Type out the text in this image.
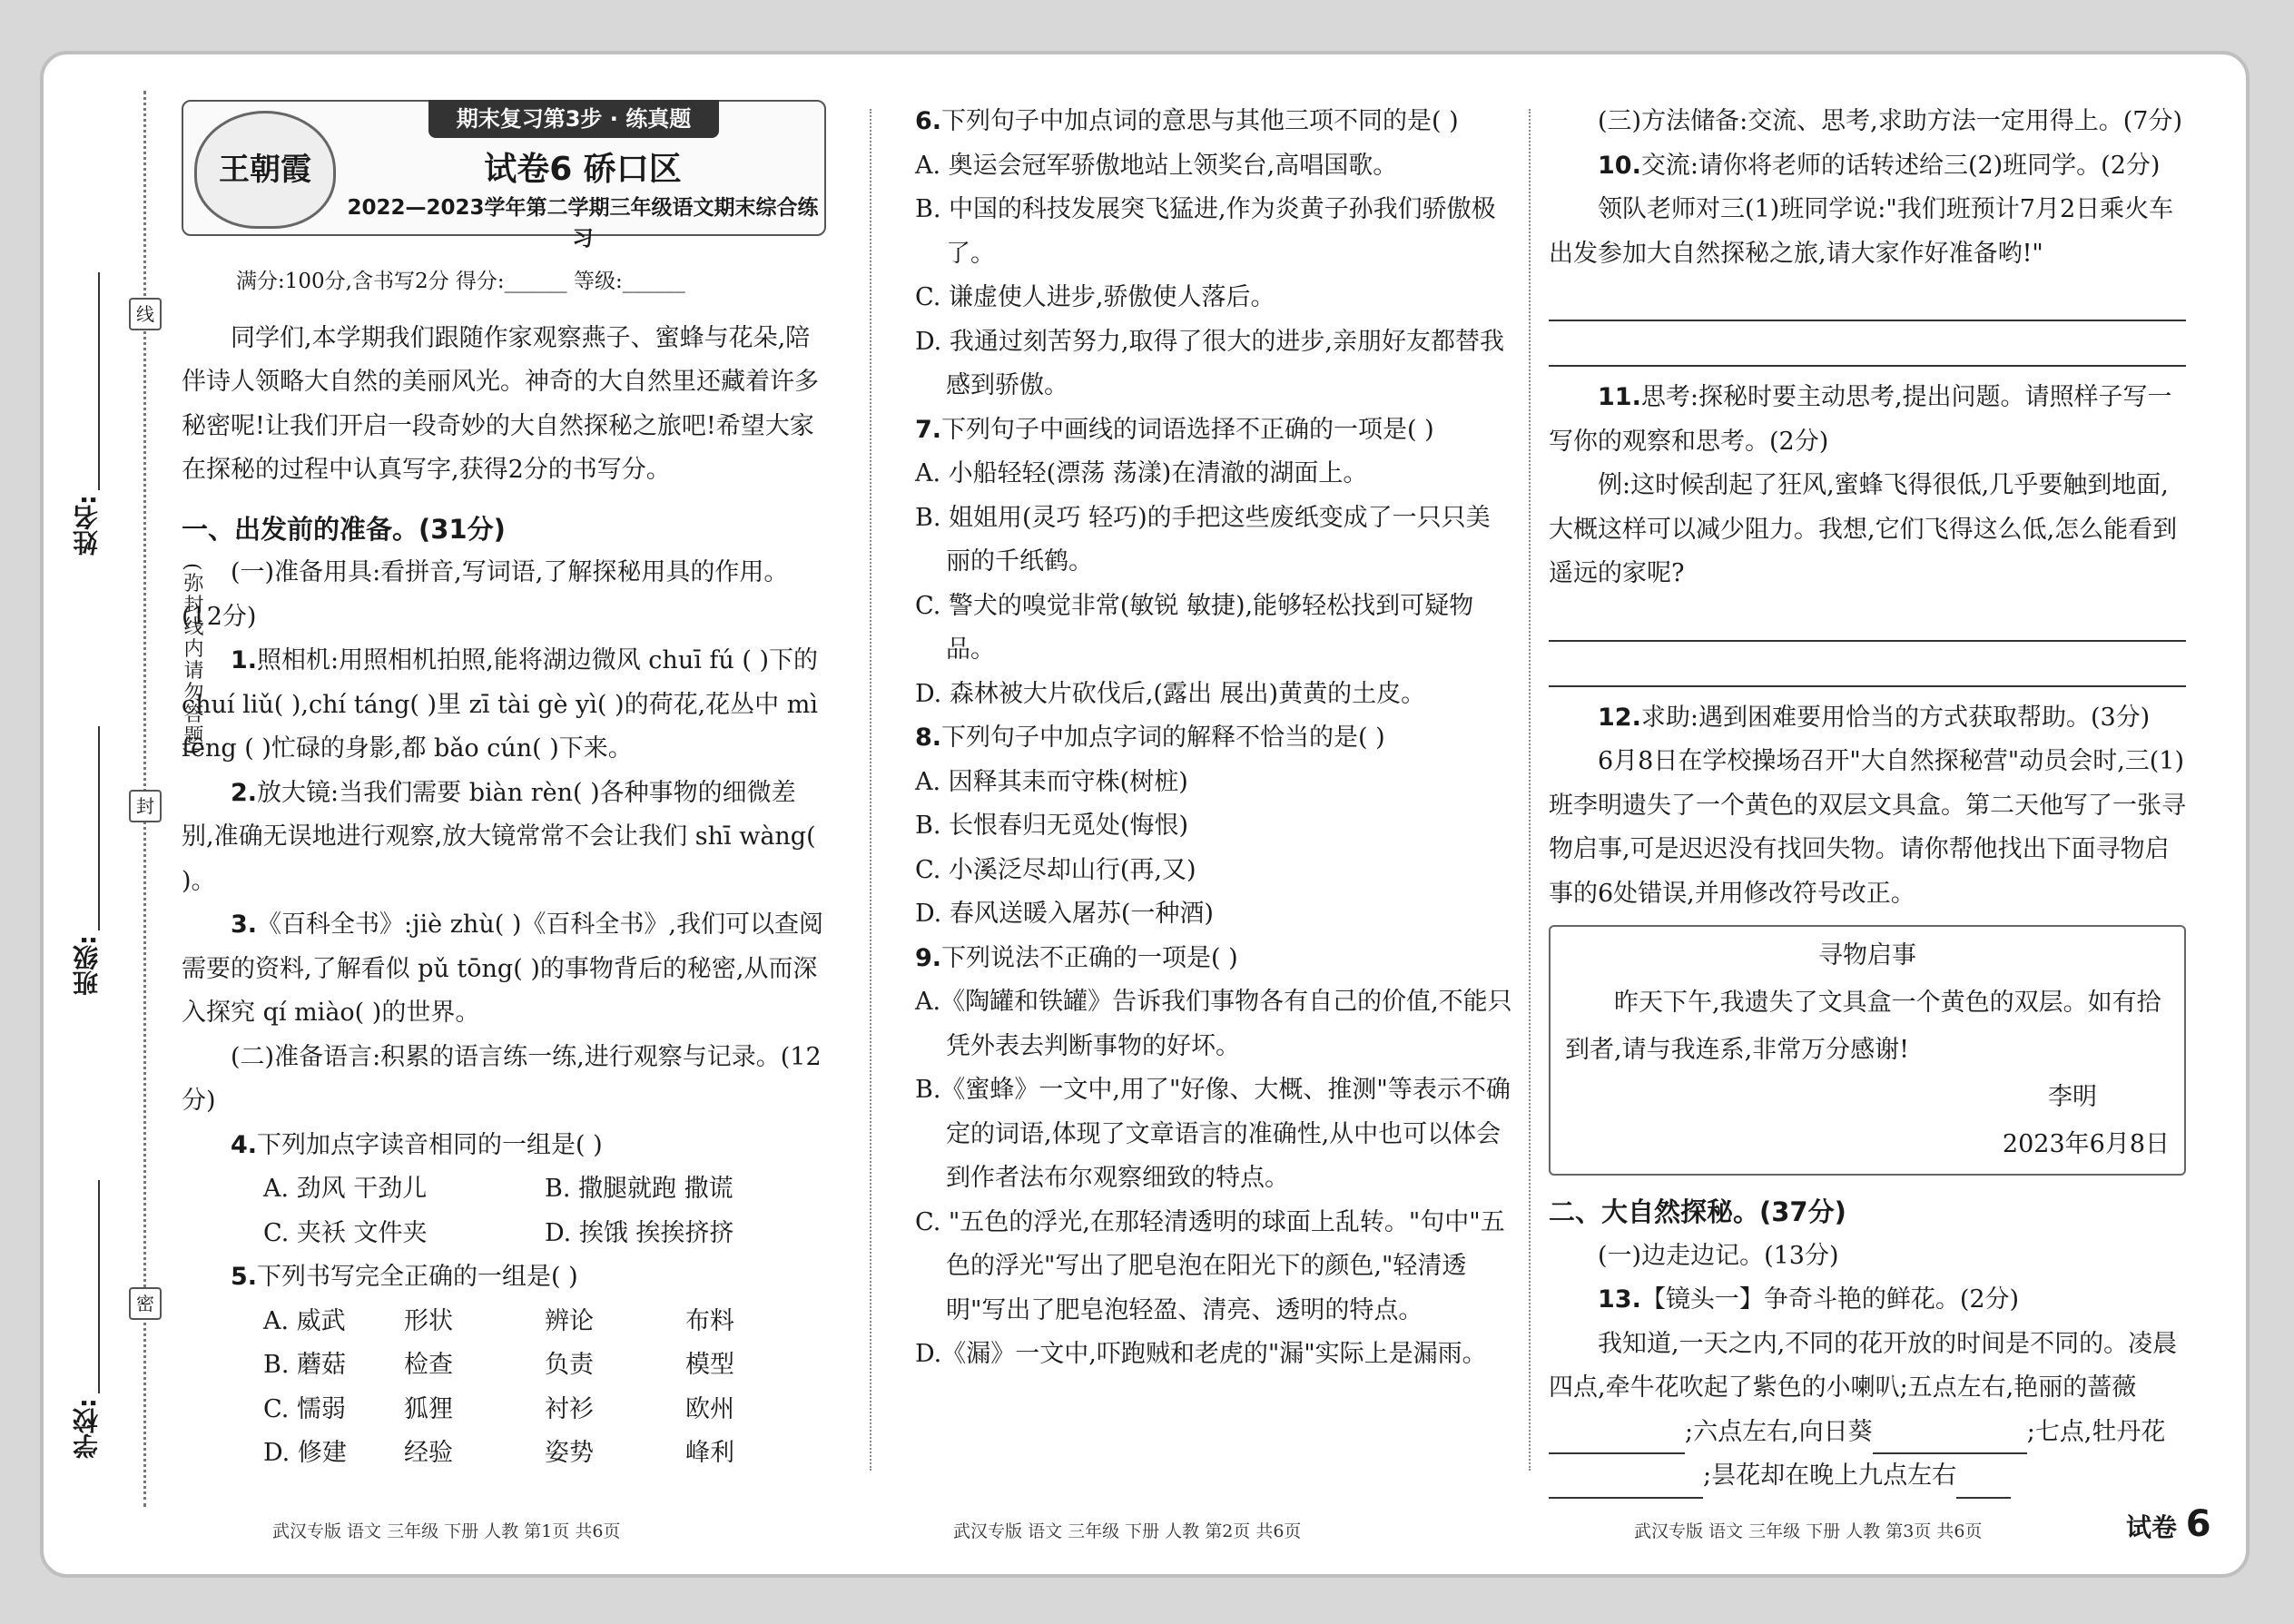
线
封
密
(弥封线内请勿答题)
姓名:
班级:
学校:
王朝霞
期末复习第3步 · 练真题
试卷6 硚口区
2022—2023学年第二学期三年级语文期末综合练习

满分:100分,含书写2分 得分:______ 等级:______

同学们,本学期我们跟随作家观察燕子、蜜蜂与花朵,陪伴诗人领略大自然的美丽风光。神奇的大自然里还藏着许多秘密呢!让我们开启一段奇妙的大自然探秘之旅吧!希望大家在探秘的过程中认真写字,获得2分的书写分。

一、出发前的准备。(31分)

(一)准备用具:看拼音,写词语,了解探秘用具的作用。(12分)

1.照相机:用照相机拍照,能将湖边微风 chuī fú ( )下的 chuí liǔ( ),chí táng( )里 zī tài gè yì( )的荷花,花丛中 mì fēng ( )忙碌的身影,都 bǎo cún( )下来。

2.放大镜:当我们需要 biàn rèn( )各种事物的细微差别,准确无误地进行观察,放大镜常常不会让我们 shī wàng( )。

3.《百科全书》:jiè zhù( )《百科全书》,我们可以查阅需要的资料,了解看似 pǔ tōng( )的事物背后的秘密,从而深入探究 qí miào( )的世界。

(二)准备语言:积累的语言练一练,进行观察与记录。(12分)

4.下列加点字读音相同的一组是( )

A. 劲风 干劲儿	B. 撒腿就跑 撒谎
C. 夹袄 文件夹	D. 挨饿 挨挨挤挤

5.下列书写完全正确的一组是( )

A. 威武	形状	辨论	布料
B. 蘑菇	检查	负责	模型
C. 懦弱	狐狸	衬衫	欧州
D. 修建	经验	姿势	峰利

6.下列句子中加点词的意思与其他三项不同的是( )

A. 奥运会冠军骄傲地站上领奖台,高唱国歌。

B. 中国的科技发展突飞猛进,作为炎黄子孙我们骄傲极了。

C. 谦虚使人进步,骄傲使人落后。

D. 我通过刻苦努力,取得了很大的进步,亲朋好友都替我感到骄傲。

7.下列句子中画线的词语选择不正确的一项是( )

A. 小船轻轻(漂荡 荡漾)在清澈的湖面上。

B. 姐姐用(灵巧 轻巧)的手把这些废纸变成了一只只美丽的千纸鹤。

C. 警犬的嗅觉非常(敏锐 敏捷),能够轻松找到可疑物品。

D. 森林被大片砍伐后,(露出 展出)黄黄的土皮。

8.下列句子中加点字词的解释不恰当的是( )

A. 因释其耒而守株(树桩)

B. 长恨春归无觅处(悔恨)

C. 小溪泛尽却山行(再,又)

D. 春风送暖入屠苏(一种酒)

9.下列说法不正确的一项是( )

A.《陶罐和铁罐》告诉我们事物各有自己的价值,不能只凭外表去判断事物的好坏。

B.《蜜蜂》一文中,用了"好像、大概、推测"等表示不确定的词语,体现了文章语言的准确性,从中也可以体会到作者法布尔观察细致的特点。

C. "五色的浮光,在那轻清透明的球面上乱转。"句中"五色的浮光"写出了肥皂泡在阳光下的颜色,"轻清透明"写出了肥皂泡轻盈、清亮、透明的特点。

D.《漏》一文中,吓跑贼和老虎的"漏"实际上是漏雨。

(三)方法储备:交流、思考,求助方法一定用得上。(7分)

10.交流:请你将老师的话转述给三(2)班同学。(2分)

领队老师对三(1)班同学说:"我们班预计7月2日乘火车出发参加大自然探秘之旅,请大家作好准备哟!"

11.思考:探秘时要主动思考,提出问题。请照样子写一写你的观察和思考。(2分)

例:这时候刮起了狂风,蜜蜂飞得很低,几乎要触到地面,大概这样可以减少阻力。我想,它们飞得这么低,怎么能看到遥远的家呢?

12.求助:遇到困难要用恰当的方式获取帮助。(3分)

6月8日在学校操场召开"大自然探秘营"动员会时,三(1)班李明遗失了一个黄色的双层文具盒。第二天他写了一张寻物启事,可是迟迟没有找回失物。请你帮他找出下面寻物启事的6处错误,并用修改符号改正。

寻物启事

昨天下午,我遗失了文具盒一个黄色的双层。如有拾到者,请与我连系,非常万分感谢!

李明

2023年6月8日

二、大自然探秘。(37分)

(一)边走边记。(13分)

13.【镜头一】争奇斗艳的鲜花。(2分)

我知道,一天之内,不同的花开放的时间是不同的。凌晨四点,牵牛花吹起了紫色的小喇叭;五点左右,艳丽的蔷薇;六点左右,向日葵	;七点,牡丹花;昙花却在晚上九点左右

武汉专版 语文 三年级 下册 人教 第1页 共6页	武汉专版 语文 三年级 下册 人教 第2页 共6页	武汉专版 语文 三年级 下册 人教 第3页 共6页	试卷 6
